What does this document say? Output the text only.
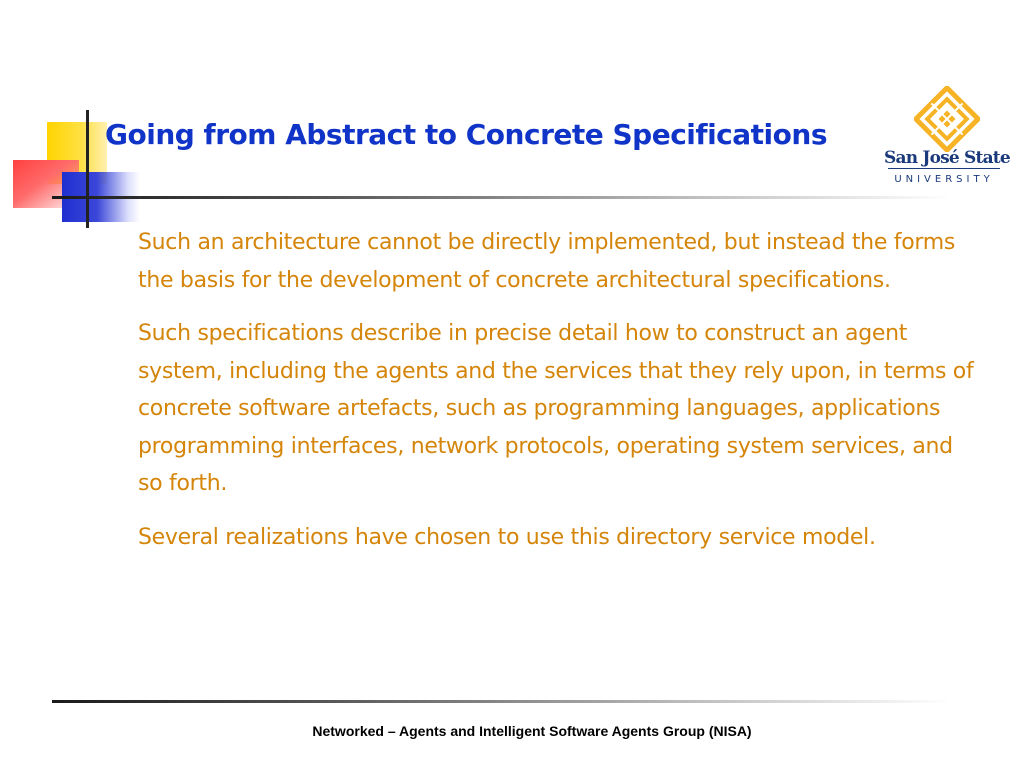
Going from Abstract to Concrete Specifications
San José State
UNIVERSITY

Such an architecture cannot be directly implemented, but instead the forms the basis for the development of concrete architectural specifications.

Such specifications describe in precise detail how to construct an agent system, including the agents and the services that they rely upon, in terms of concrete software artefacts, such as programming languages, applications programming interfaces, network protocols, operating system services, and so forth.

Several realizations have chosen to use this directory service model.

Networked – Agents and Intelligent Software Agents Group (NISA)
